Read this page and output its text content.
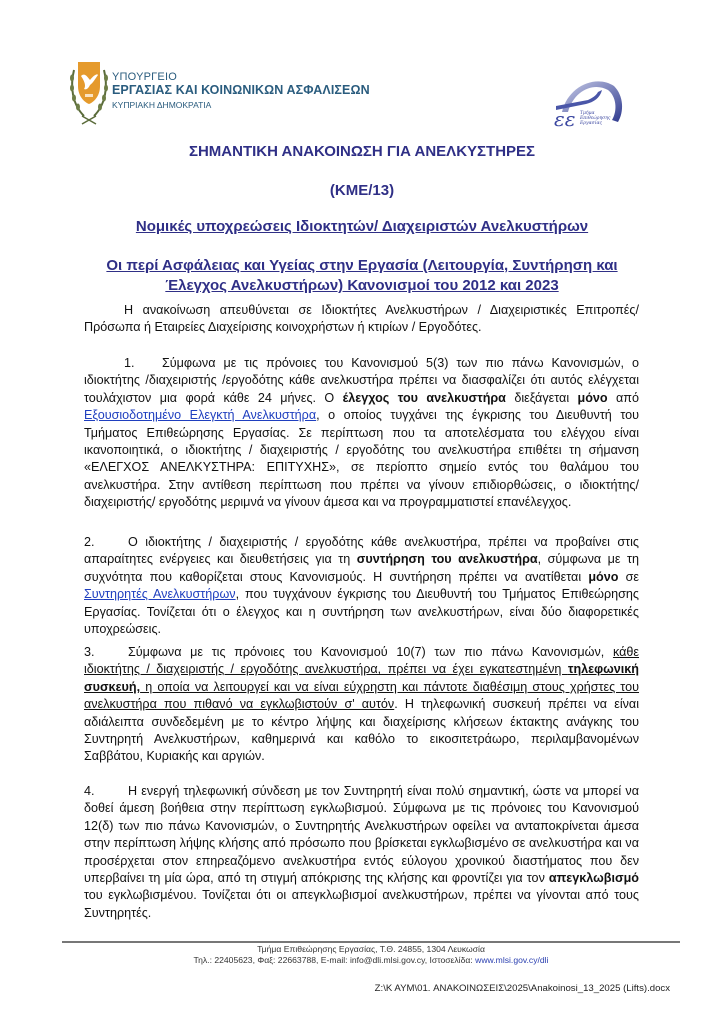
ΥΠΟΥΡΓΕΙΟ
ΕΡΓΑΣΙΑΣ ΚΑΙ ΚΟΙΝΩΝΙΚΩΝ ΑΣΦΑΛΙΣΕΩΝ
ΚΥΠΡΙΑΚΗ ΔΗΜΟΚΡΑΤΙΑ
εε Τμήμα
Επιθεώρησης
Εργασίας
ΣΗΜΑΝΤΙΚΗ ΑΝΑΚΟΙΝΩΣΗ ΓΙΑ ΑΝΕΛΚΥΣΤΗΡΕΣ
(ΚΜΕ/13)
Νομικές υποχρεώσεις Ιδιοκτητών/ Διαχειριστών Ανελκυστήρων
Οι περί Ασφάλειας και Υγείας στην Εργασία (Λειτουργία, Συντήρηση και
Έλεγχος Ανελκυστήρων) Κανονισμοί του 2012 και 2023
Η ανακοίνωση απευθύνεται σε Ιδιοκτήτες Ανελκυστήρων / Διαχειριστικές Επιτροπές/ Πρόσωπα ή Εταιρείες Διαχείρισης κοινοχρήστων ή κτιρίων / Εργοδότες.
1. Σύμφωνα με τις πρόνοιες του Κανονισμού 5(3) των πιο πάνω Κανονισμών, ο ιδιοκτήτης /διαχειριστής /εργοδότης κάθε ανελκυστήρα πρέπει να διασφαλίζει ότι αυτός ελέγχεται τουλάχιστον μια φορά κάθε 24 μήνες. Ο έλεγχος του ανελκυστήρα διεξάγεται μόνο από Εξουσιοδοτημένο Ελεγκτή Ανελκυστήρα, ο οποίος τυγχάνει της έγκρισης του Διευθυντή του Τμήματος Επιθεώρησης Εργασίας. Σε περίπτωση που τα αποτελέσματα του ελέγχου είναι ικανοποιητικά, ο ιδιοκτήτης / διαχειριστής / εργοδότης του ανελκυστήρα επιθέτει τη σήμανση «ΕΛΕΓΧΟΣ ΑΝΕΛΚΥΣΤΗΡΑ: ΕΠΙΤΥΧΗΣ», σε περίοπτο σημείο εντός του θαλάμου του ανελκυστήρα. Στην αντίθεση περίπτωση που πρέπει να γίνουν επιδιορθώσεις, ο ιδιοκτήτης/ διαχειριστής/ εργοδότης μεριμνά να γίνουν άμεσα και να προγραμματιστεί επανέλεγχος.
2.	Ο ιδιοκτήτης / διαχειριστής / εργοδότης κάθε ανελκυστήρα, πρέπει να προβαίνει στις απαραίτητες ενέργειες και διευθετήσεις για τη συντήρηση του ανελκυστήρα, σύμφωνα με τη συχνότητα που καθορίζεται στους Κανονισμούς. Η συντήρηση πρέπει να ανατίθεται μόνο σε Συντηρητές Ανελκυστήρων, που τυγχάνουν έγκρισης του Διευθυντή του Τμήματος Επιθεώρησης Εργασίας. Τονίζεται ότι ο έλεγχος και η συντήρηση των ανελκυστήρων, είναι δύο διαφορετικές υποχρεώσεις.
3.	Σύμφωνα με τις πρόνοιες του Κανονισμού 10(7) των πιο πάνω Κανονισμών, κάθε ιδιοκτήτης / διαχειριστής / εργοδότης ανελκυστήρα, πρέπει να έχει εγκατεστημένη τηλεφωνική συσκευή, η οποία να λειτουργεί και να είναι εύχρηστη και πάντοτε διαθέσιμη στους χρήστες του ανελκυστήρα που πιθανό να εγκλωβιστούν σ' αυτόν. Η τηλεφωνική συσκευή πρέπει να είναι αδιάλειπτα συνδεδεμένη με το κέντρο λήψης και διαχείρισης κλήσεων έκτακτης ανάγκης του Συντηρητή Ανελκυστήρων, καθημερινά και καθόλο το εικοσιτετράωρο, περιλαμβανομένων Σαββάτου, Κυριακής και αργιών.
4.	Η ενεργή τηλεφωνική σύνδεση με τον Συντηρητή είναι πολύ σημαντική, ώστε να μπορεί να δοθεί άμεση βοήθεια στην περίπτωση εγκλωβισμού. Σύμφωνα με τις πρόνοιες του Κανονισμού 12(δ) των πιο πάνω Κανονισμών, ο Συντηρητής Ανελκυστήρων οφείλει να ανταποκρίνεται άμεσα στην περίπτωση λήψης κλήσης από πρόσωπο που βρίσκεται εγκλωβισμένο σε ανελκυστήρα και να προσέρχεται στον επηρεαζόμενο ανελκυστήρα εντός εύλογου χρονικού διαστήματος που δεν υπερβαίνει τη μία ώρα, από τη στιγμή απόκρισης της κλήσης και φροντίζει για τον απεγκλωβισμό του εγκλωβισμένου. Τονίζεται ότι οι απεγκλωβισμοί ανελκυστήρων, πρέπει να γίνονται από τους Συντηρητές.
Τμήμα Επιθεώρησης Εργασίας, Τ.Θ. 24855, 1304 Λευκωσία
Τηλ.: 22405623, Φαξ: 22663788, E-mail: info@dli.mlsi.gov.cy, Ιστοσελίδα: www.mlsi.gov.cy/dli
Z:\K AYM\01. ΑΝΑΚΟΙΝΩΣΕΙΣ\2025\Anakoinosi_13_2025 (Lifts).docx
